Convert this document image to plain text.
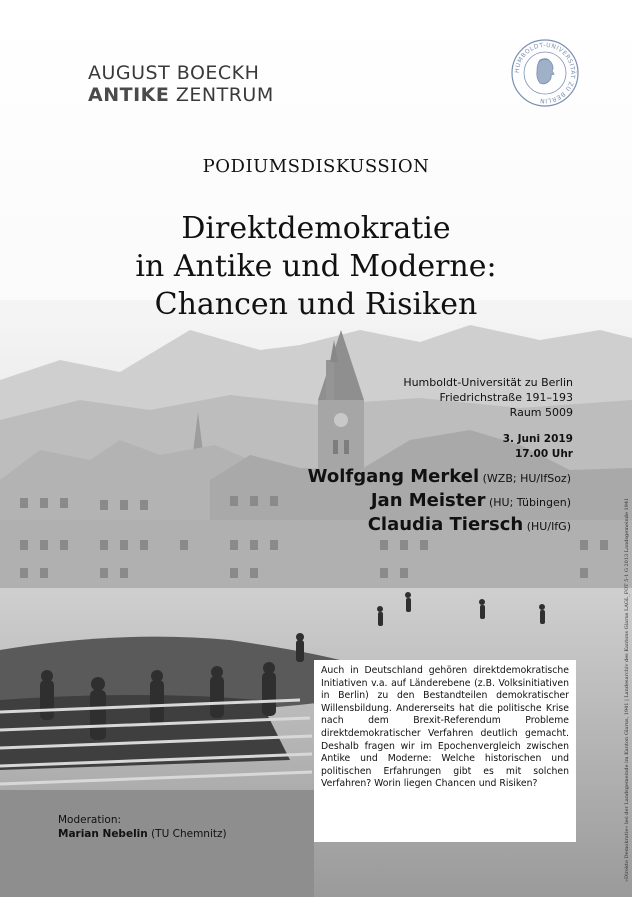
AUGUST BOECKH
ANTIKE ZENTRUM
HUMBOLDT-UNIVERSITÄT ZU BERLIN
PODIUMSDISKUSSION
Direktdemokratie
in Antike und Moderne:
Chancen und Risiken
Humboldt-Universität zu Berlin
Friedrichstraße 191–193
Raum 5009
3. Juni 2019
17.00 Uhr
Wolfgang Merkel (WZB; HU/IfSoz)
Jan Meister (HU; Tübingen)
Claudia Tiersch (HU/IfG)
Auch in Deutschland gehören direktdemokratische Initiativen v.a. auf Länderebene (z.B. Volksinitiativen in Berlin) zu den Bestandteilen demokratischer Willensbildung. Andererseits hat die politische Krise nach dem Brexit-Referendum Probleme direktdemokratischer Verfahren deutlich gemacht. Deshalb fragen wir im Epochenvergleich zwischen Antike und Moderne: Welche historischen und politischen Erfahrungen gibt es mit solchen Verfahren? Worin liegen Chancen und Risiken?
Moderation:
Marian Nebelin (TU Chemnitz)	»Direkte Demokratie« bei der Landsgemeinde im Kanton Glarus, 1941 | Landesarchiv des Kantons Glarus LAGL_FOT 5-1 G 2013 Landsgemeinde 1941
